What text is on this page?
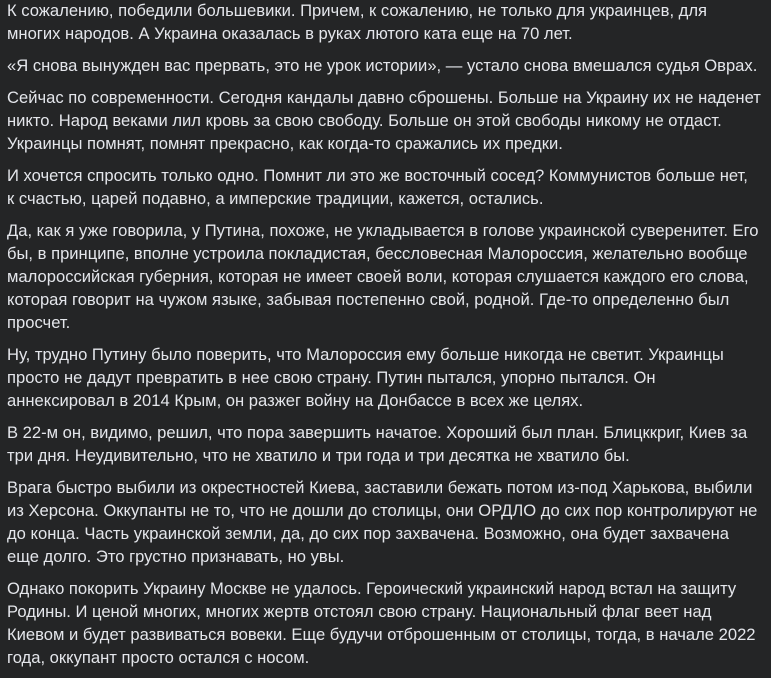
К сожалению, победили большевики. Причем, к сожалению, не только для украинцев, для
многих народов. А Украина оказалась в руках лютого ката еще на 70 лет.

«Я снова вынужден вас прервать, это не урок истории», — устало снова вмешался судья Оврах.

Сейчас по современности. Сегодня кандалы давно сброшены. Больше на Украину их не наденет
никто. Народ веками лил кровь за свою свободу. Больше он этой свободы никому не отдаст.
Украинцы помнят, помнят прекрасно, как когда-то сражались их предки.

И хочется спросить только одно. Помнит ли это же восточный сосед? Коммунистов больше нет,
к счастью, царей подавно, а имперские традиции, кажется, остались.

Да, как я уже говорила, у Путина, похоже, не укладывается в голове украинской суверенитет. Его
бы, в принципе, вполне устроила покладистая, бессловесная Малороссия, желательно вообще
малороссийская губерния, которая не имеет своей воли, которая слушается каждого его слова,
которая говорит на чужом языке, забывая постепенно свой, родной. Где-то определенно был
просчет.

Ну, трудно Путину было поверить, что Малороссия ему больше никогда не светит. Украинцы
просто не дадут превратить в нее свою страну. Путин пытался, упорно пытался. Он
аннексировал в 2014 Крым, он разжег войну на Донбассе в всех же целях.

В 22-м он, видимо, решил, что пора завершить начатое. Хороший был план. Блицккриг, Киев за
три дня. Неудивительно, что не хватило и три года и три десятка не хватило бы.

Врага быстро выбили из окрестностей Киева, заставили бежать потом из-под Харькова, выбили
из Херсона. Оккупанты не то, что не дошли до столицы, они ОРДЛО до сих пор контролируют не
до конца. Часть украинской земли, да, до сих пор захвачена. Возможно, она будет захвачена
еще долго. Это грустно признавать, но увы.

Однако покорить Украину Москве не удалось. Героический украинский народ встал на защиту
Родины. И ценой многих, многих жертв отстоял свою страну. Национальный флаг веет над
Киевом и будет развиваться вовеки. Еще будучи отброшенным от столицы, тогда, в начале 2022
года, оккупант просто остался с носом.
